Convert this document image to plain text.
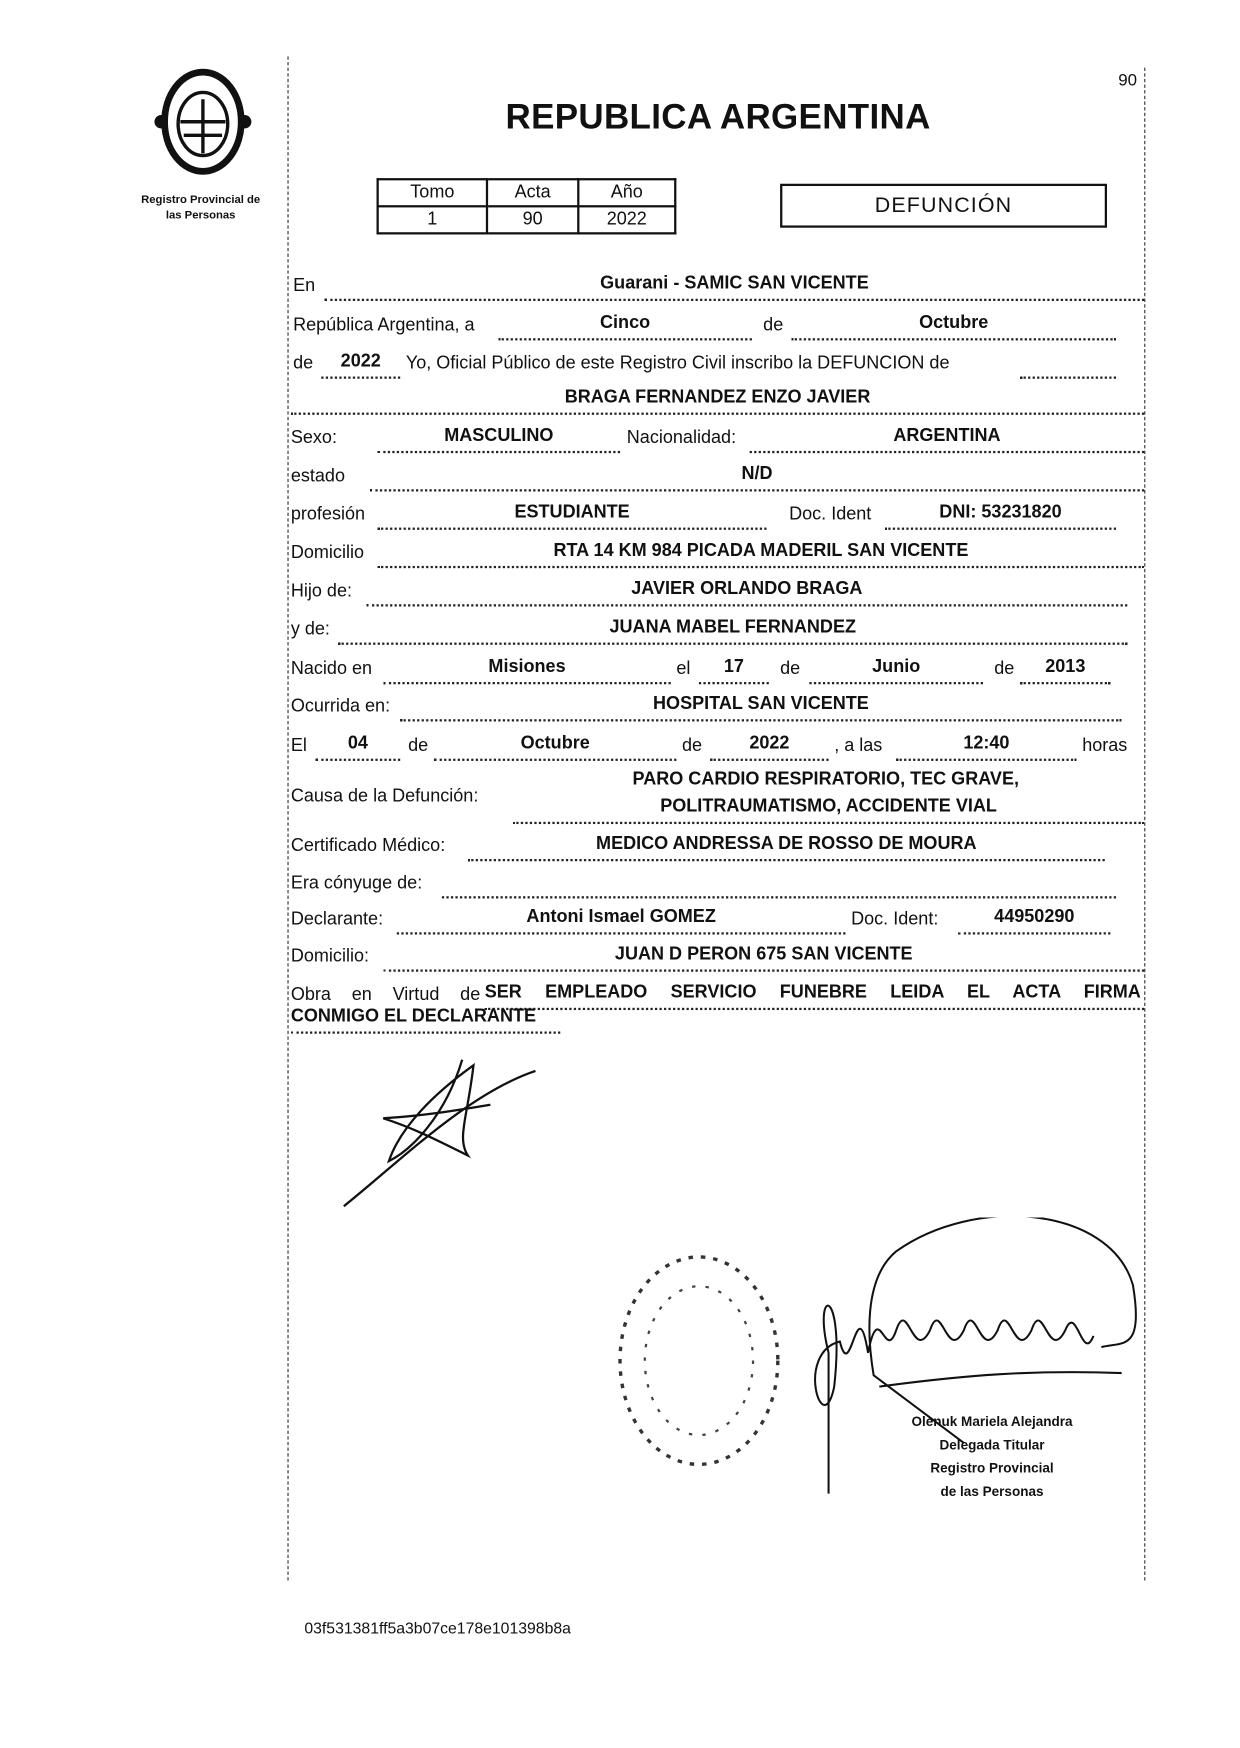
Registro Provincial de
las Personas
90
REPUBLICA ARGENTINA
Tomo	Acta	Año
1	90	2022
DEFUNCIÓN
En	Guarani - SAMIC SAN VICENTE
República Argentina, a	Cinco	de	Octubre
de	2022	Yo, Oficial Público de este Registro Civil inscribo la DEFUNCION de
BRAGA FERNANDEZ ENZO JAVIER
Sexo:	MASCULINO	Nacionalidad:	ARGENTINA
estado	N/D
profesión	ESTUDIANTE	Doc. Ident	DNI: 53231820
Domicilio	RTA 14 KM 984 PICADA MADERIL SAN VICENTE
Hijo de:	JAVIER ORLANDO BRAGA
y de:	JUANA MABEL FERNANDEZ
Nacido en	Misiones	el	17	de	Junio	de	2013
Ocurrida en:	HOSPITAL SAN VICENTE
El	04	de	Octubre	de	2022	, a las	12:40	horas
Causa de la Defunción:
PARO CARDIO RESPIRATORIO, TEC GRAVE,
POLITRAUMATISMO, ACCIDENTE VIAL
Certificado Médico:	MEDICO ANDRESSA DE ROSSO DE MOURA
Era cónyuge de:
Declarante:	Antoni Ismael GOMEZ	Doc. Ident:	44950290
Domicilio:	JUAN D PERON 675 SAN VICENTE
Obra en Virtud de SER EMPLEADO SERVICIO FUNEBRE LEIDA EL ACTA FIRMA
CONMIGO EL DECLARANTE
Olenuk Mariela Alejandra
Delegada Titular
Registro Provincial
de las Personas
03f531381ff5a3b07ce178e101398b8a
